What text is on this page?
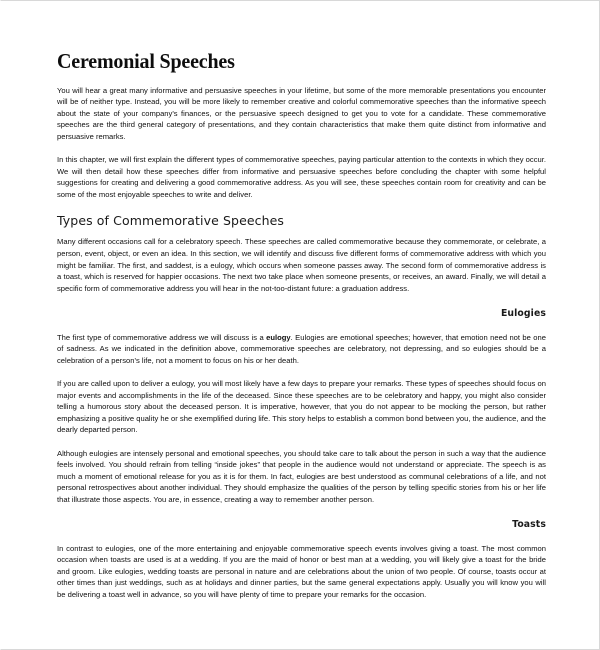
Ceremonial Speeches

You will hear a great many informative and persuasive speeches in your lifetime, but some of the more memorable presentations you encounter will be of neither type. Instead, you will be more likely to remember creative and colorful commemorative speeches than the informative speech about the state of your company's finances, or the persuasive speech designed to get you to vote for a candidate. These commemorative speeches are the third general category of presentations, and they contain characteristics that make them quite distinct from informative and persuasive remarks.

In this chapter, we will first explain the different types of commemorative speeches, paying particular attention to the contexts in which they occur. We will then detail how these speeches differ from informative and persuasive speeches before concluding the chapter with some helpful suggestions for creating and delivering a good commemorative address. As you will see, these speeches contain room for creativity and can be some of the most enjoyable speeches to write and deliver.

Types of Commemorative Speeches

Many different occasions call for a celebratory speech. These speeches are called commemorative because they commemorate, or celebrate, a person, event, object, or even an idea. In this section, we will identify and discuss five different forms of commemorative address with which you might be familiar. The first, and saddest, is a eulogy, which occurs when someone passes away. The second form of commemorative address is a toast, which is reserved for happier occasions. The next two take place when someone presents, or receives, an award. Finally, we will detail a specific form of commemorative address you will hear in the not-too-distant future: a graduation address.

Eulogies

The first type of commemorative address we will discuss is a eulogy. Eulogies are emotional speeches; however, that emotion need not be one of sadness. As we indicated in the definition above, commemorative speeches are celebratory, not depressing, and so eulogies should be a celebration of a person's life, not a moment to focus on his or her death.

If you are called upon to deliver a eulogy, you will most likely have a few days to prepare your remarks. These types of speeches should focus on major events and accomplishments in the life of the deceased. Since these speeches are to be celebratory and happy, you might also consider telling a humorous story about the deceased person. It is imperative, however, that you do not appear to be mocking the person, but rather emphasizing a positive quality he or she exemplified during life. This story helps to establish a common bond between you, the audience, and the dearly departed person.

Although eulogies are intensely personal and emotional speeches, you should take care to talk about the person in such a way that the audience feels involved. You should refrain from telling “inside jokes” that people in the audience would not understand or appreciate. The speech is as much a moment of emotional release for you as it is for them. In fact, eulogies are best understood as communal celebrations of a life, and not personal retrospectives about another individual. They should emphasize the qualities of the person by telling specific stories from his or her life that illustrate those aspects. You are, in essence, creating a way to remember another person.

Toasts

In contrast to eulogies, one of the more entertaining and enjoyable commemorative speech events involves giving a toast. The most common occasion when toasts are used is at a wedding. If you are the maid of honor or best man at a wedding, you will likely give a toast for the bride and groom. Like eulogies, wedding toasts are personal in nature and are celebrations about the union of two people. Of course, toasts occur at other times than just weddings, such as at holidays and dinner parties, but the same general expectations apply. Usually you will know you will be delivering a toast well in advance, so you will have plenty of time to prepare your remarks for the occasion.
